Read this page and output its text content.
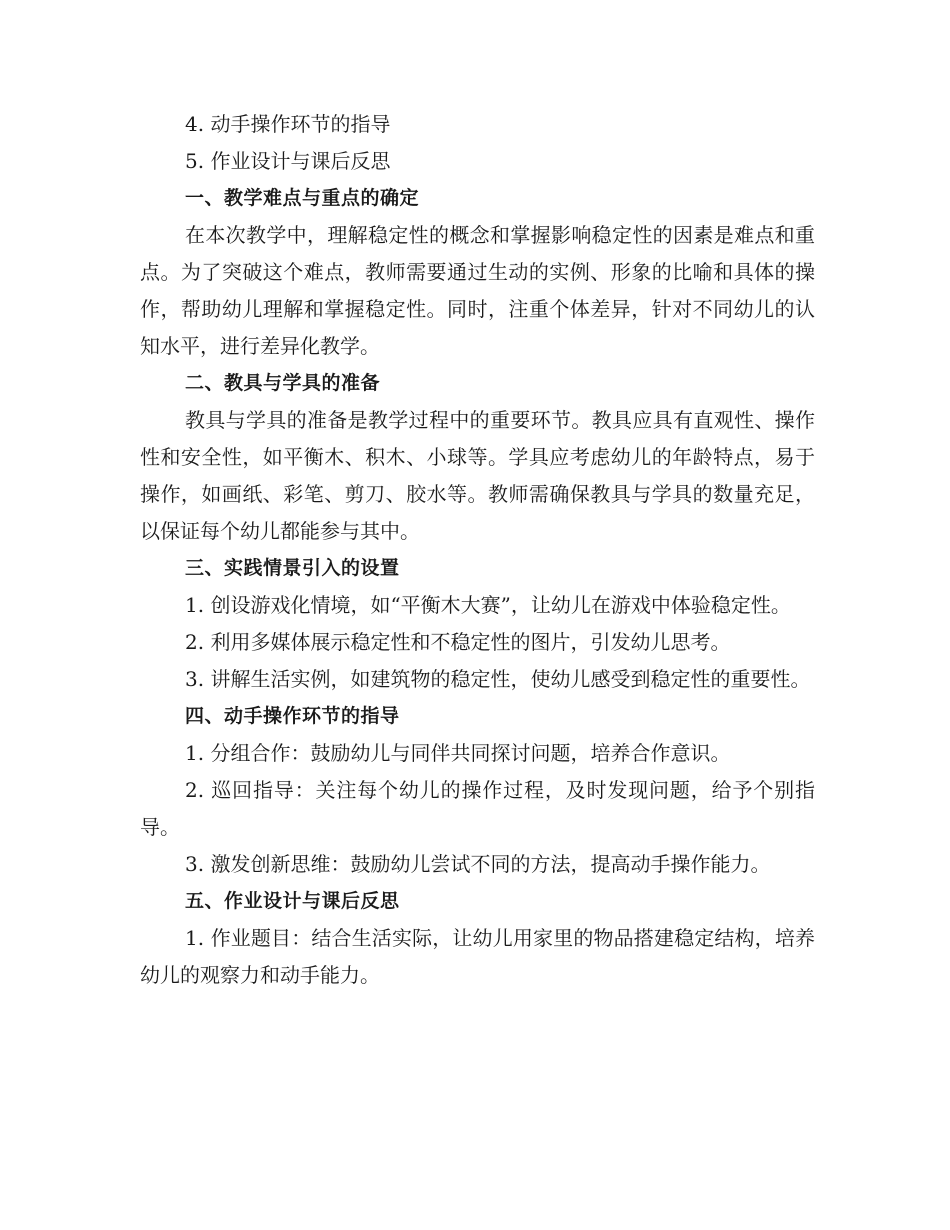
4. 动手操作环节的指导

5. 作业设计与课后反思

一、教学难点与重点的确定

在本次教学中，理解稳定性的概念和掌握影响稳定性的因素是难点和重点。为了突破这个难点，教师需要通过生动的实例、形象的比喻和具体的操作，帮助幼儿理解和掌握稳定性。同时，注重个体差异，针对不同幼儿的认知水平，进行差异化教学。

二、教具与学具的准备

教具与学具的准备是教学过程中的重要环节。教具应具有直观性、操作性和安全性，如平衡木、积木、小球等。学具应考虑幼儿的年龄特点，易于操作，如画纸、彩笔、剪刀、胶水等。教师需确保教具与学具的数量充足，以保证每个幼儿都能参与其中。

三、实践情景引入的设置

1. 创设游戏化情境，如“平衡木大赛”，让幼儿在游戏中体验稳定性。

2. 利用多媒体展示稳定性和不稳定性的图片，引发幼儿思考。

3. 讲解生活实例，如建筑物的稳定性，使幼儿感受到稳定性的重要性。

四、动手操作环节的指导

1. 分组合作：鼓励幼儿与同伴共同探讨问题，培养合作意识。

2. 巡回指导：关注每个幼儿的操作过程，及时发现问题，给予个别指导。

3. 激发创新思维：鼓励幼儿尝试不同的方法，提高动手操作能力。

五、作业设计与课后反思

1. 作业题目：结合生活实际，让幼儿用家里的物品搭建稳定结构，培养幼儿的观察力和动手能力。
